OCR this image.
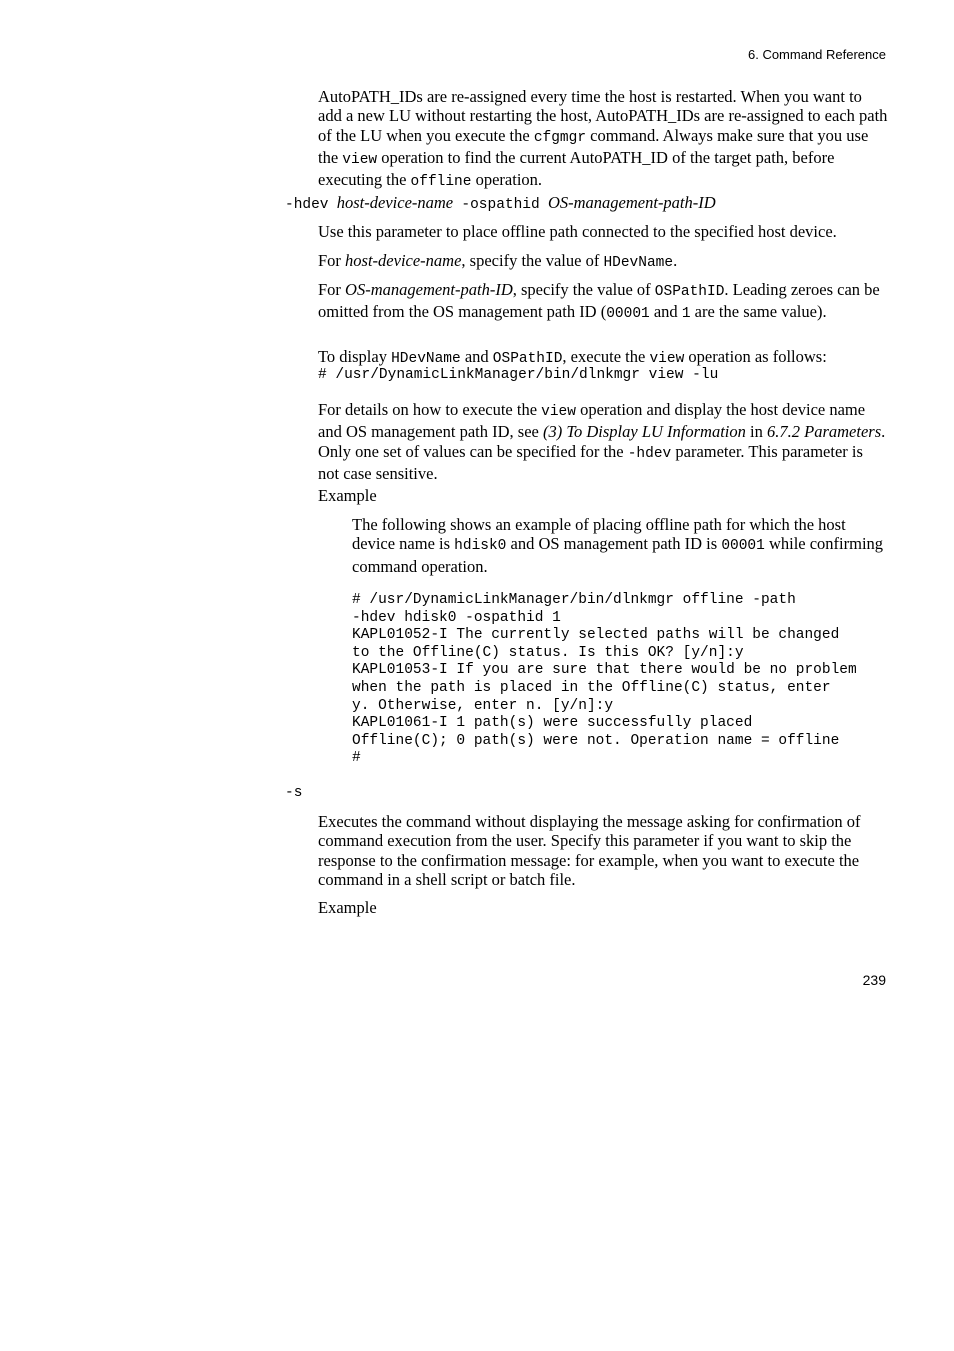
6. Command Reference

AutoPATH_IDs are re-assigned every time the host is restarted. When you want to add a new LU without restarting the host, AutoPATH_IDs are re-assigned to each path of the LU when you execute the cfgmgr command. Always make sure that you use the view operation to find the current AutoPATH_ID of the target path, before executing the offline operation.

-hdev host-device-name -ospathid OS-management-path-ID

Use this parameter to place offline path connected to the specified host device.

For host-device-name, specify the value of HDevName.

For OS-management-path-ID, specify the value of OSPathID. Leading zeroes can be omitted from the OS management path ID (00001 and 1 are the same value).

To display HDevName and OSPathID, execute the view operation as follows:

# /usr/DynamicLinkManager/bin/dlnkmgr view -lu

For details on how to execute the view operation and display the host device name and OS management path ID, see (3) To Display LU Information in 6.7.2 Parameters. Only one set of values can be specified for the -hdev parameter. This parameter is not case sensitive.

Example

The following shows an example of placing offline path for which the host device name is hdisk0 and OS management path ID is 00001 while confirming command operation.

# /usr/DynamicLinkManager/bin/dlnkmgr offline -path
-hdev hdisk0 -ospathid 1
KAPL01052-I The currently selected paths will be changed
to the Offline(C) status. Is this OK? [y/n]:y
KAPL01053-I If you are sure that there would be no problem
when the path is placed in the Offline(C) status, enter
y. Otherwise, enter n. [y/n]:y
KAPL01061-I 1 path(s) were successfully placed
Offline(C); 0 path(s) were not. Operation name = offline
#

-s

Executes the command without displaying the message asking for confirmation of command execution from the user. Specify this parameter if you want to skip the response to the confirmation message: for example, when you want to execute the command in a shell script or batch file.

Example

239
